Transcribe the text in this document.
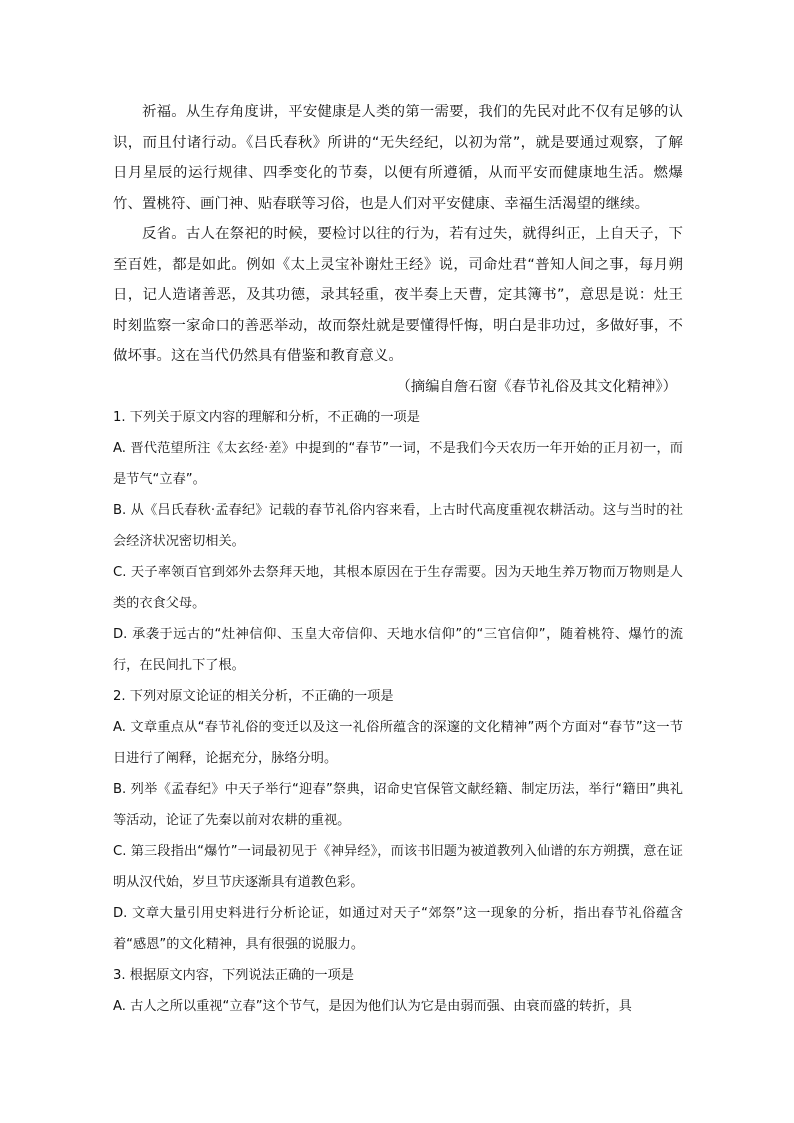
祈福。从生存角度讲，平安健康是人类的第一需要，我们的先民对此不仅有足够的认识，而且付诸行动。《吕氏春秋》所讲的“无失经纪，以初为常”，就是要通过观察，了解日月星辰的运行规律、四季变化的节奏，以便有所遵循，从而平安而健康地生活。燃爆竹、置桃符、画门神、贴春联等习俗，也是人们对平安健康、幸福生活渴望的继续。

反省。古人在祭祀的时候，要检讨以往的行为，若有过失，就得纠正，上自天子，下至百姓，都是如此。例如《太上灵宝补谢灶王经》说，司命灶君“普知人间之事，每月朔日，记人造诸善恶，及其功德，录其轻重，夜半奏上天曹，定其簿书”，意思是说：灶王时刻监察一家命口的善恶举动，故而祭灶就是要懂得忏悔，明白是非功过，多做好事，不做坏事。这在当代仍然具有借鉴和教育意义。

（摘编自詹石窗《春节礼俗及其文化精神》）

1. 下列关于原文内容的理解和分析，不正确的一项是

A. 晋代范望所注《太玄经·差》中提到的“春节”一词，不是我们今天农历一年开始的正月初一，而是节气“立春”。

B. 从《吕氏春秋·孟春纪》记载的春节礼俗内容来看，上古时代高度重视农耕活动。这与当时的社会经济状况密切相关。

C. 天子率领百官到郊外去祭拜天地，其根本原因在于生存需要。因为天地生养万物而万物则是人类的衣食父母。

D. 承袭于远古的“灶神信仰、玉皇大帝信仰、天地水信仰”的“三官信仰”，随着桃符、爆竹的流行，在民间扎下了根。

2. 下列对原文论证的相关分析，不正确的一项是

A. 文章重点从“春节礼俗的变迁以及这一礼俗所蕴含的深邃的文化精神”两个方面对“春节”这一节日进行了阐释，论据充分，脉络分明。

B. 列举《孟春纪》中天子举行“迎春”祭典，诏命史官保管文献经籍、制定历法，举行“籍田”典礼等活动，论证了先秦以前对农耕的重视。

C. 第三段指出“爆竹”一词最初见于《神异经》，而该书旧题为被道教列入仙谱的东方朔撰，意在证明从汉代始，岁旦节庆逐渐具有道教色彩。

D. 文章大量引用史料进行分析论证，如通过对天子“郊祭”这一现象的分析，指出春节礼俗蕴含着“感恩”的文化精神，具有很强的说服力。

3. 根据原文内容，下列说法正确的一项是

A. 古人之所以重视“立春”这个节气，是因为他们认为它是由弱而强、由衰而盛的转折，具
